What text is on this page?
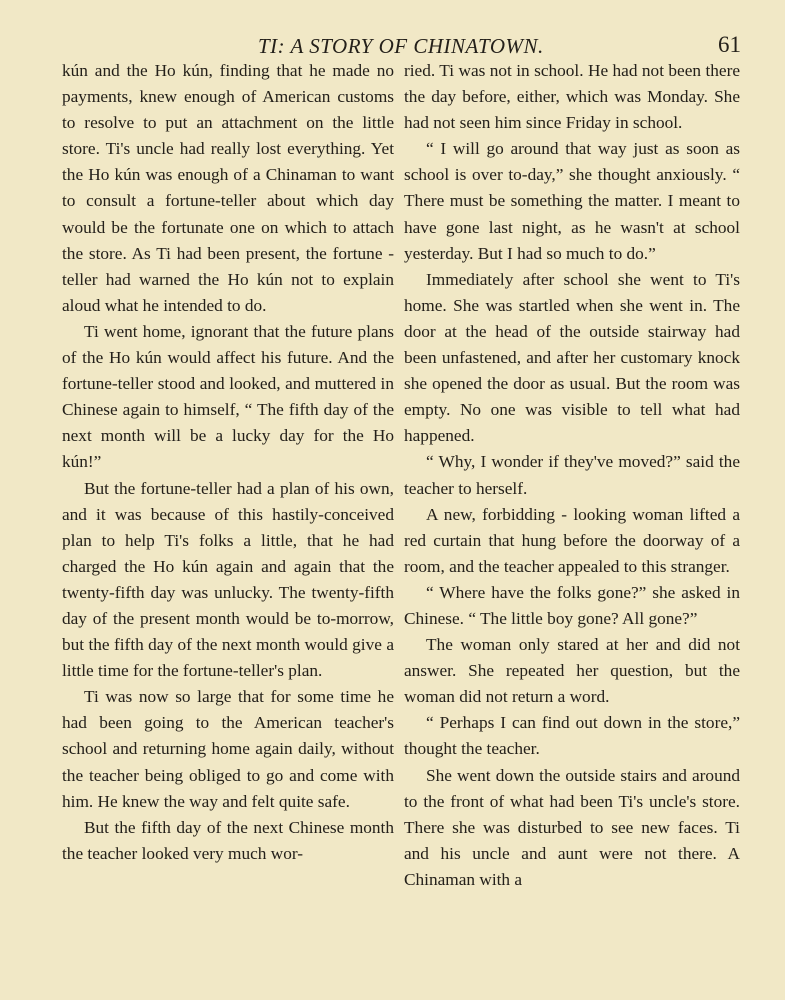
TI: A STORY OF CHINATOWN.	61

kún and the Ho kún, finding that he made no payments, knew enough of American customs to resolve to put an attachment on the little store. Ti's uncle had really lost everything. Yet the Ho kún was enough of a Chinaman to want to consult a fortune-teller about which day would be the fortunate one on which to attach the store. As Ti had been present, the fortune - teller had warned the Ho kún not to explain aloud what he intended to do.

Ti went home, ignorant that the future plans of the Ho kún would affect his future. And the fortune-teller stood and looked, and muttered in Chinese again to himself, “ The fifth day of the next month will be a lucky day for the Ho kún!”

But the fortune-teller had a plan of his own, and it was because of this hastily-conceived plan to help Ti's folks a little, that he had charged the Ho kún again and again that the twenty-fifth day was unlucky. The twenty-fifth day of the present month would be to-morrow, but the fifth day of the next month would give a little time for the fortune-teller's plan.

Ti was now so large that for some time he had been going to the American teacher's school and returning home again daily, without the teacher being obliged to go and come with him. He knew the way and felt quite safe.

But the fifth day of the next Chinese month the teacher looked very much wor-

ried. Ti was not in school. He had not been there the day before, either, which was Monday. She had not seen him since Friday in school.

“ I will go around that way just as soon as school is over to-day,” she thought anxiously. “ There must be something the matter. I meant to have gone last night, as he wasn't at school yesterday. But I had so much to do.”

Immediately after school she went to Ti's home. She was startled when she went in. The door at the head of the outside stairway had been unfastened, and after her customary knock she opened the door as usual. But the room was empty. No one was visible to tell what had happened.

“ Why, I wonder if they've moved?” said the teacher to herself.

A new, forbidding - looking woman lifted a red curtain that hung before the doorway of a room, and the teacher appealed to this stranger.

“ Where have the folks gone?” she asked in Chinese. “ The little boy gone? All gone?”

The woman only stared at her and did not answer. She repeated her question, but the woman did not return a word.

“ Perhaps I can find out down in the store,” thought the teacher.

She went down the outside stairs and around to the front of what had been Ti's uncle's store. There she was disturbed to see new faces. Ti and his uncle and aunt were not there. A Chinaman with a
